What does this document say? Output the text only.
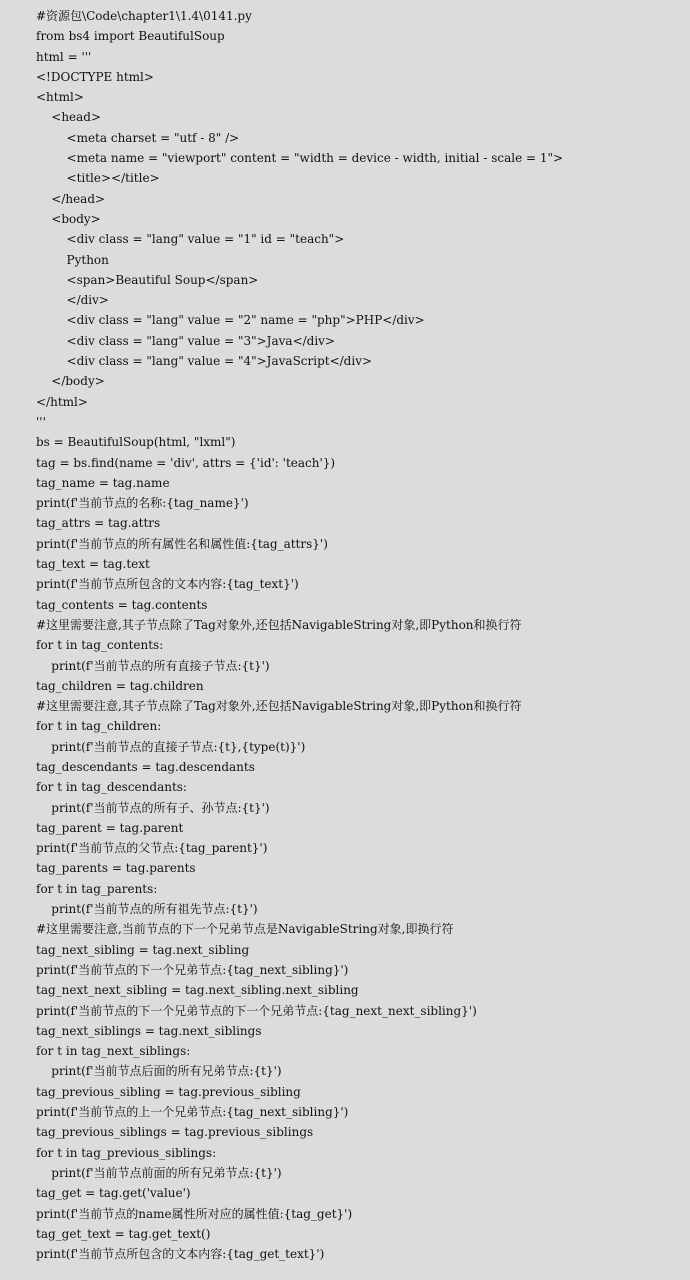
#资源包\Code\chapter1\1.4\0141.py
from bs4 import BeautifulSoup
html = '''
<!DOCTYPE html>
<html>
<head>
<meta charset = "utf - 8" />
<meta name = "viewport" content = "width = device - width, initial - scale = 1">
<title></title>
</head>
<body>
<div class = "lang" value = "1" id = "teach">
Python
<span>Beautiful Soup</span>
</div>
<div class = "lang" value = "2" name = "php">PHP</div>
<div class = "lang" value = "3">Java</div>
<div class = "lang" value = "4">JavaScript</div>
</body>
</html>
'''
bs = BeautifulSoup(html, "lxml")
tag = bs.find(name = 'div', attrs = {'id': 'teach'})
tag_name = tag.name
print(f'当前节点的名称:{tag_name}')
tag_attrs = tag.attrs
print(f'当前节点的所有属性名和属性值:{tag_attrs}')
tag_text = tag.text
print(f'当前节点所包含的文本内容:{tag_text}')
tag_contents = tag.contents
#这里需要注意,其子节点除了Tag对象外,还包括NavigableString对象,即Python和换行符
for t in tag_contents:
print(f'当前节点的所有直接子节点:{t}')
tag_children = tag.children
#这里需要注意,其子节点除了Tag对象外,还包括NavigableString对象,即Python和换行符
for t in tag_children:
print(f'当前节点的直接子节点:{t},{type(t)}')
tag_descendants = tag.descendants
for t in tag_descendants:
print(f'当前节点的所有子、孙节点:{t}')
tag_parent = tag.parent
print(f'当前节点的父节点:{tag_parent}')
tag_parents = tag.parents
for t in tag_parents:
print(f'当前节点的所有祖先节点:{t}')
#这里需要注意,当前节点的下一个兄弟节点是NavigableString对象,即换行符
tag_next_sibling = tag.next_sibling
print(f'当前节点的下一个兄弟节点:{tag_next_sibling}')
tag_next_next_sibling = tag.next_sibling.next_sibling
print(f'当前节点的下一个兄弟节点的下一个兄弟节点:{tag_next_next_sibling}')
tag_next_siblings = tag.next_siblings
for t in tag_next_siblings:
print(f'当前节点后面的所有兄弟节点:{t}')
tag_previous_sibling = tag.previous_sibling
print(f'当前节点的上一个兄弟节点:{tag_next_sibling}')
tag_previous_siblings = tag.previous_siblings
for t in tag_previous_siblings:
print(f'当前节点前面的所有兄弟节点:{t}')
tag_get = tag.get('value')
print(f'当前节点的name属性所对应的属性值:{tag_get}')
tag_get_text = tag.get_text()
print(f'当前节点所包含的文本内容:{tag_get_text}')
